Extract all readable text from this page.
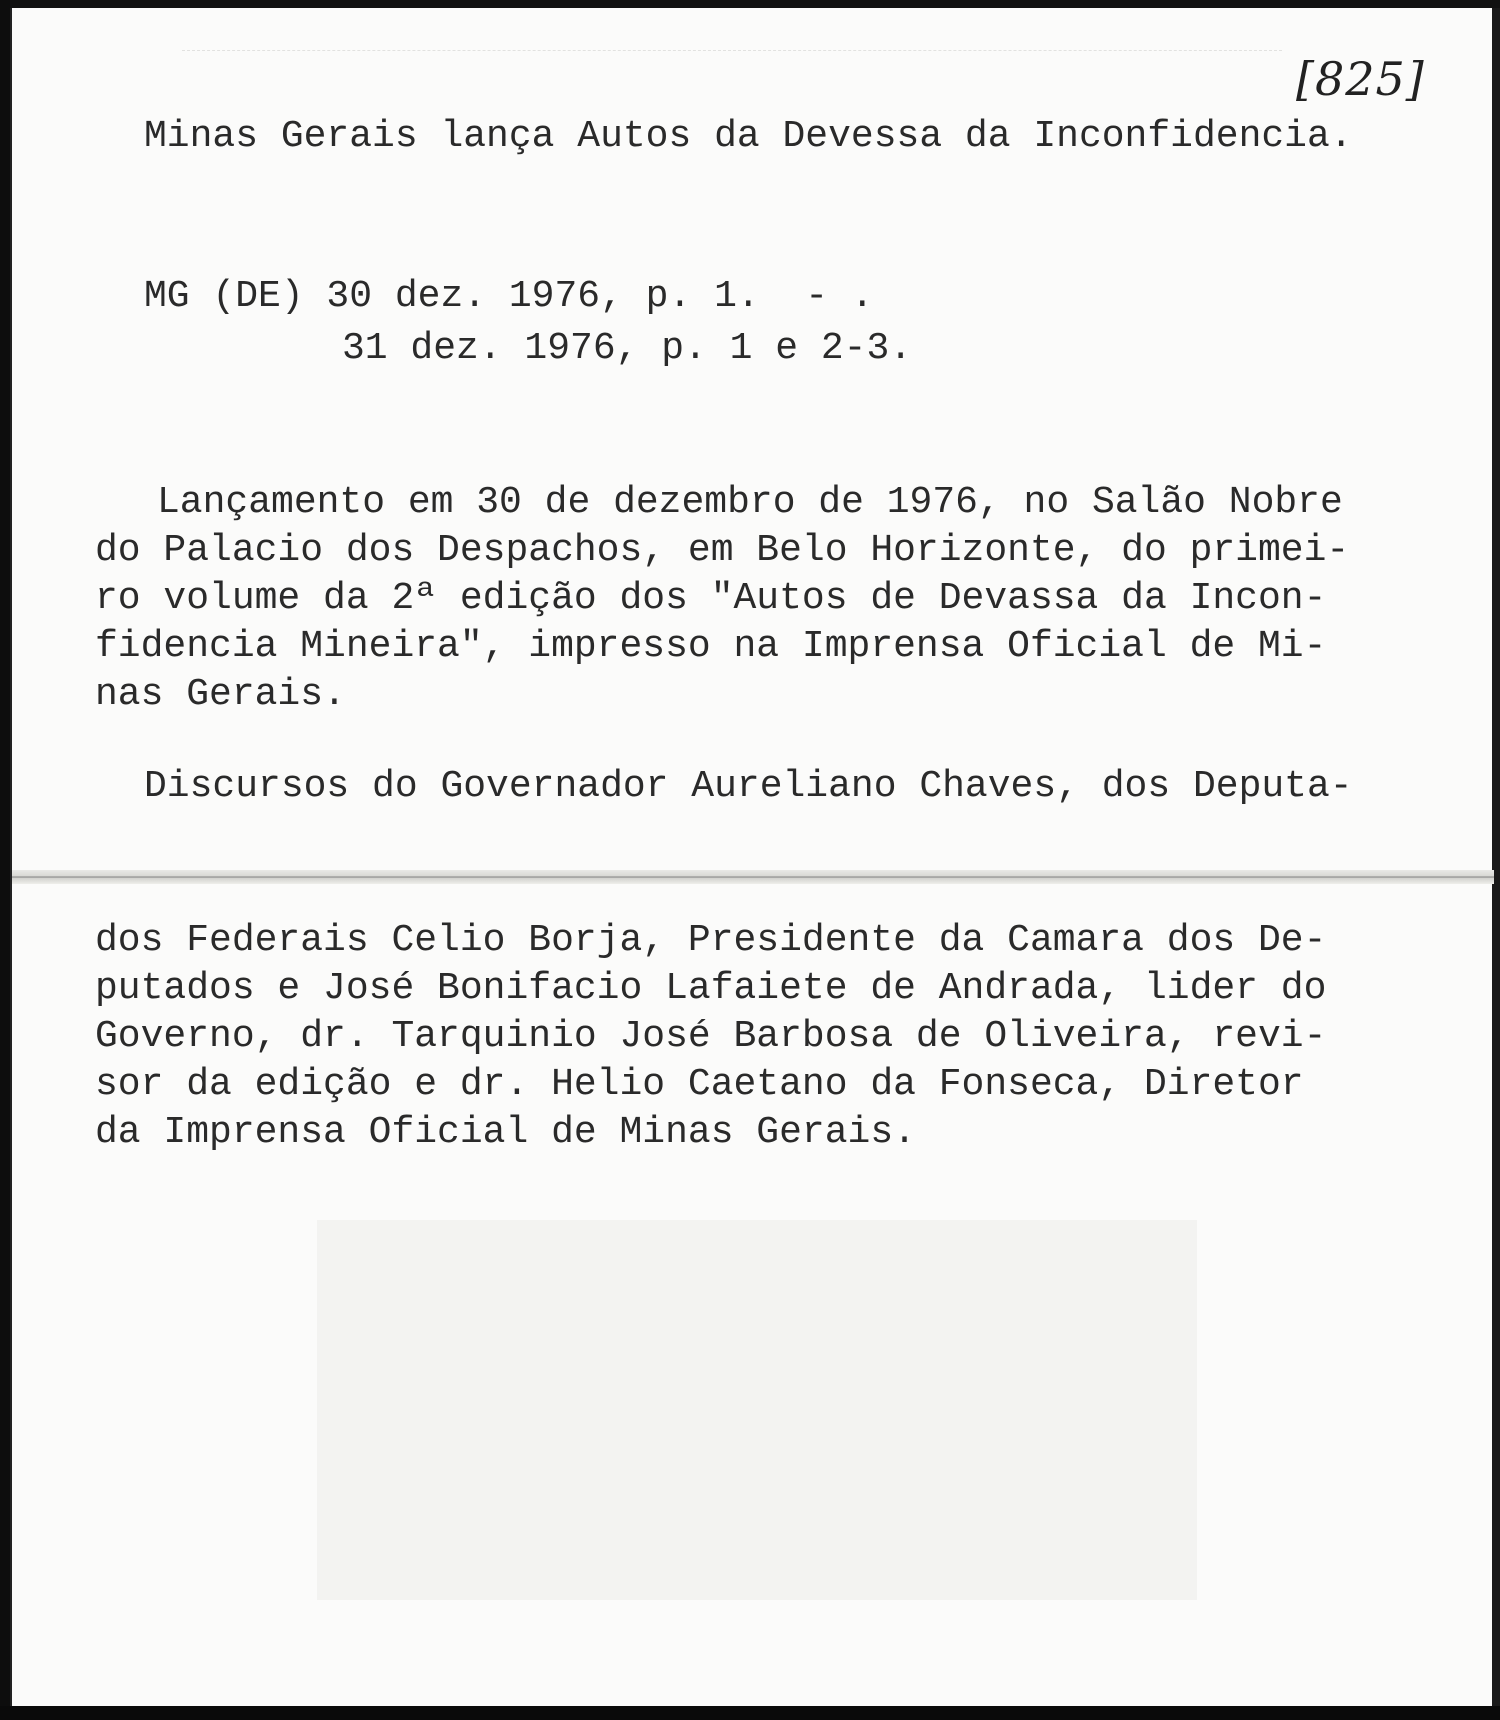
[825]

Minas Gerais lança Autos da Devessa da Inconfidencia.

MG (DE) 30 dez. 1976, p. 1.  - .

31 dez. 1976, p. 1 e 2-3.

Lançamento em 30 de dezembro de 1976, no Salão Nobre

do Palacio dos Despachos, em Belo Horizonte, do primei-

ro volume da 2ª edição dos "Autos de Devassa da Incon-

fidencia Mineira", impresso na Imprensa Oficial de Mi-

nas Gerais.

Discursos do Governador Aureliano Chaves, dos Deputa-

dos Federais Celio Borja, Presidente da Camara dos De-

putados e José Bonifacio Lafaiete de Andrada, lider do

Governo, dr. Tarquinio José Barbosa de Oliveira, revi-

sor da edição e dr. Helio Caetano da Fonseca, Diretor

da Imprensa Oficial de Minas Gerais.
